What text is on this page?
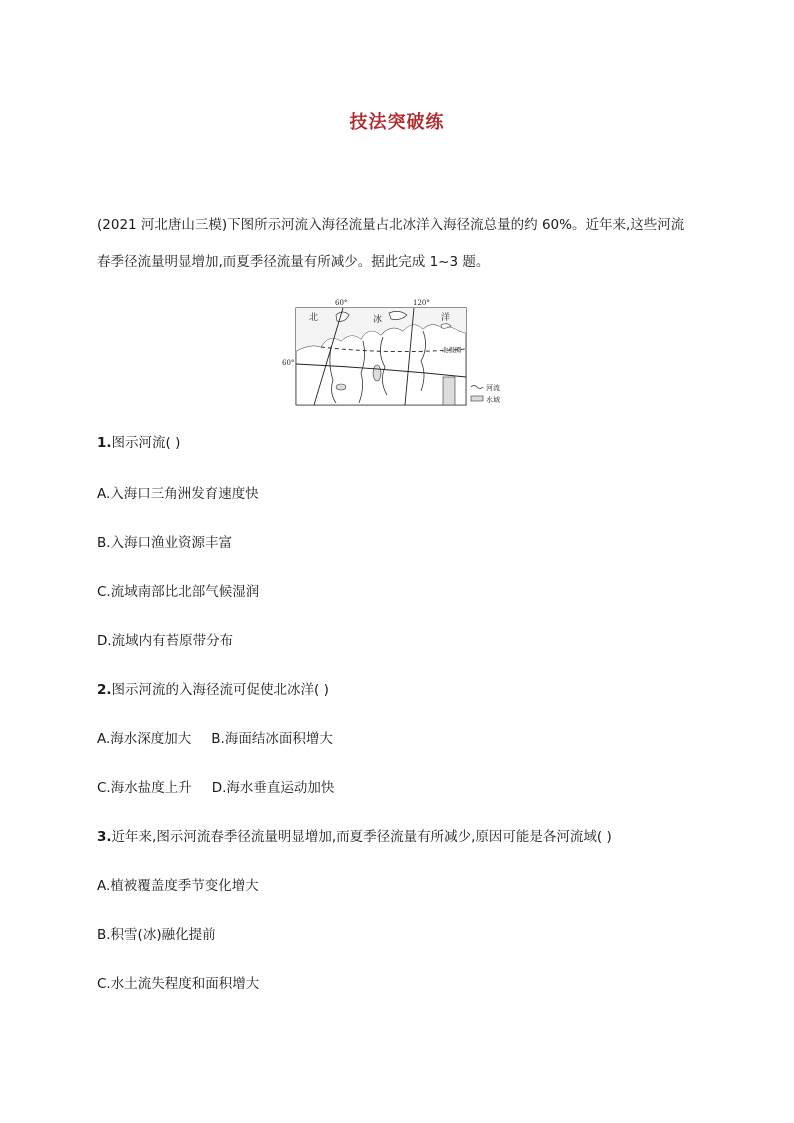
技法突破练
(2021 河北唐山三模)下图所示河流入海径流量占北冰洋入海径流总量的约 60%。近年来,这些河流
春季径流量明显增加,而夏季径流量有所减少。据此完成 1~3 题。
60°	120°
60°
北	冰	洋
北极圈
河流
水域
1.图示河流( )
A.入海口三角洲发育速度快
B.入海口渔业资源丰富
C.流域南部比北部气候湿润
D.流域内有苔原带分布
2.图示河流的入海径流可促使北冰洋( )
A.海水深度加大 B.海面结冰面积增大
C.海水盐度上升 D.海水垂直运动加快
3.近年来,图示河流春季径流量明显增加,而夏季径流量有所减少,原因可能是各河流域( )
A.植被覆盖度季节变化增大
B.积雪(冰)融化提前
C.水土流失程度和面积增大
